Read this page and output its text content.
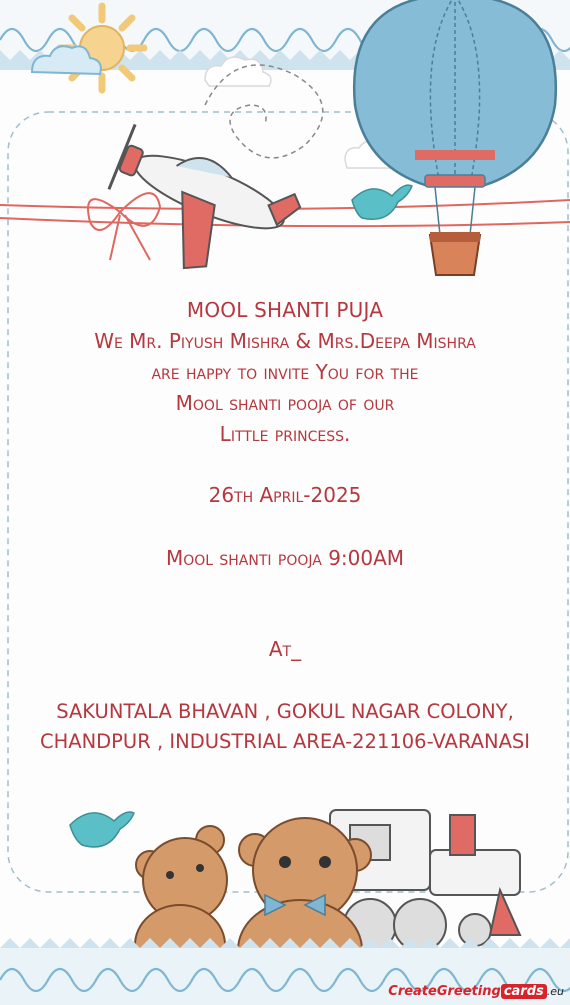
MOOL SHANTI PUJA
We Mr. Piyush Mishra & Mrs.Deepa Mishra
are happy to invite You for the
Mool shanti pooja of our
Little princess.
26th April-2025
Mool shanti pooja 9:00AM
At_
SAKUNTALA BHAVAN , GOKUL NAGAR COLONY,
CHANDPUR , INDUSTRIAL AREA-221106-VARANASI
CreateGreeting cards .eu
